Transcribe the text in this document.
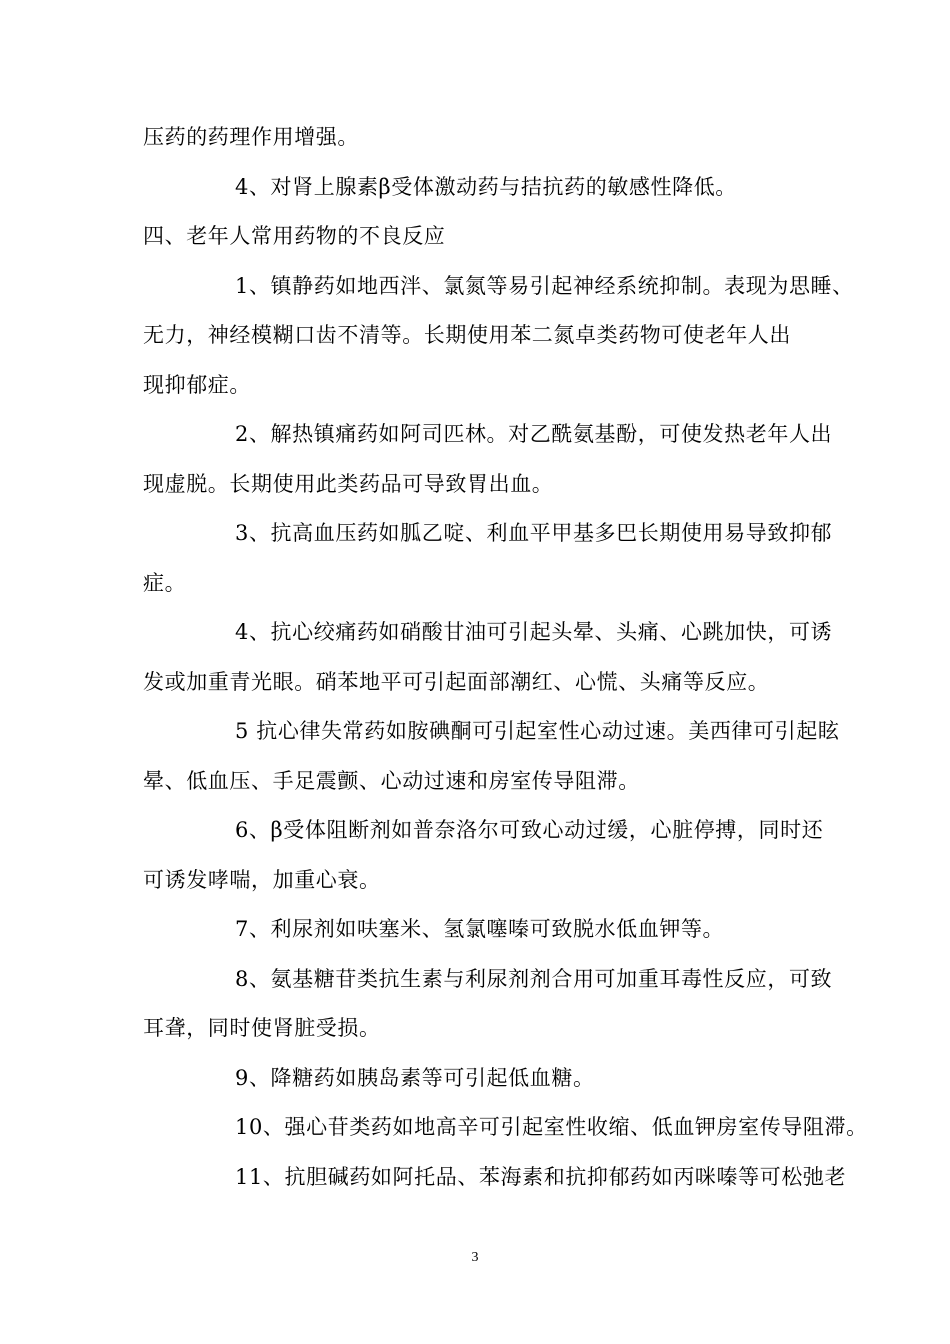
压药的药理作用增强。
4、对肾上腺素β受体激动药与拮抗药的敏感性降低。
四、老年人常用药物的不良反应
1、镇静药如地西泮、氯氮等易引起神经系统抑制。表现为思睡、
无力，神经模糊口齿不清等。长期使用苯二氮卓类药物可使老年人出
现抑郁症。
2、解热镇痛药如阿司匹林。对乙酰氨基酚，可使发热老年人出
现虚脱。长期使用此类药品可导致胃出血。
3、抗高血压药如胍乙啶、利血平甲基多巴长期使用易导致抑郁
症。
4、抗心绞痛药如硝酸甘油可引起头晕、头痛、心跳加快，可诱
发或加重青光眼。硝苯地平可引起面部潮红、心慌、头痛等反应。
5 抗心律失常药如胺碘酮可引起室性心动过速。美西律可引起眩
晕、低血压、手足震颤、心动过速和房室传导阻滞。
6、β受体阻断剂如普奈洛尔可致心动过缓，心脏停搏，同时还
可诱发哮喘，加重心衰。
7、利尿剂如呋塞米、氢氯噻嗪可致脱水低血钾等。
8、氨基糖苷类抗生素与利尿剂剂合用可加重耳毒性反应，可致
耳聋，同时使肾脏受损。
9、降糖药如胰岛素等可引起低血糖。
10、强心苷类药如地高辛可引起室性收缩、低血钾房室传导阻滞。
11、抗胆碱药如阿托品、苯海素和抗抑郁药如丙咪嗪等可松弛老
3
